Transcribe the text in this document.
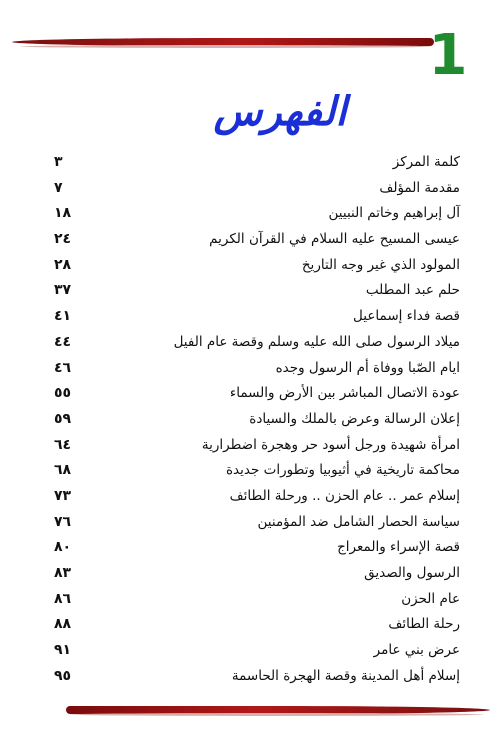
1
الفهرس
كلمة المركز
٣
مقدمة المؤلف
٧
آل إبراهيم وخاتم النبيين
١٨
عيسى المسيح عليه السلام في القرآن الكريم
٢٤
المولود الذي غير وجه التاريخ
٢٨
حلم عبد المطلب
٣٧
قصة فداء إسماعيل
٤١
ميلاد الرسول صلى الله عليه وسلم وقصة عام الفيل
٤٤
ايام الصّبا ووفاة أم الرسول وجده
٤٦
عودة الاتصال المباشر بين الأرض والسماء
٥٥
إعلان الرسالة وعرض بالملك والسيادة
٥٩
امرأة شهيدة ورجل أسود حر وهجرة اضطرارية
٦٤
محاكمة تاريخية في أثيوبيا وتطورات جديدة
٦٨
إسلام عمر .. عام الحزن .. ورحلة الطائف
٧٣
سياسة الحصار الشامل ضد المؤمنين
٧٦
قصة الإسراء والمعراج
٨٠
الرسول والصديق
٨٣
عام الحزن
٨٦
رحلة الطائف
٨٨
عرض بني عامر
٩١
إسلام أهل المدينة وقصة الهجرة الحاسمة
٩٥
